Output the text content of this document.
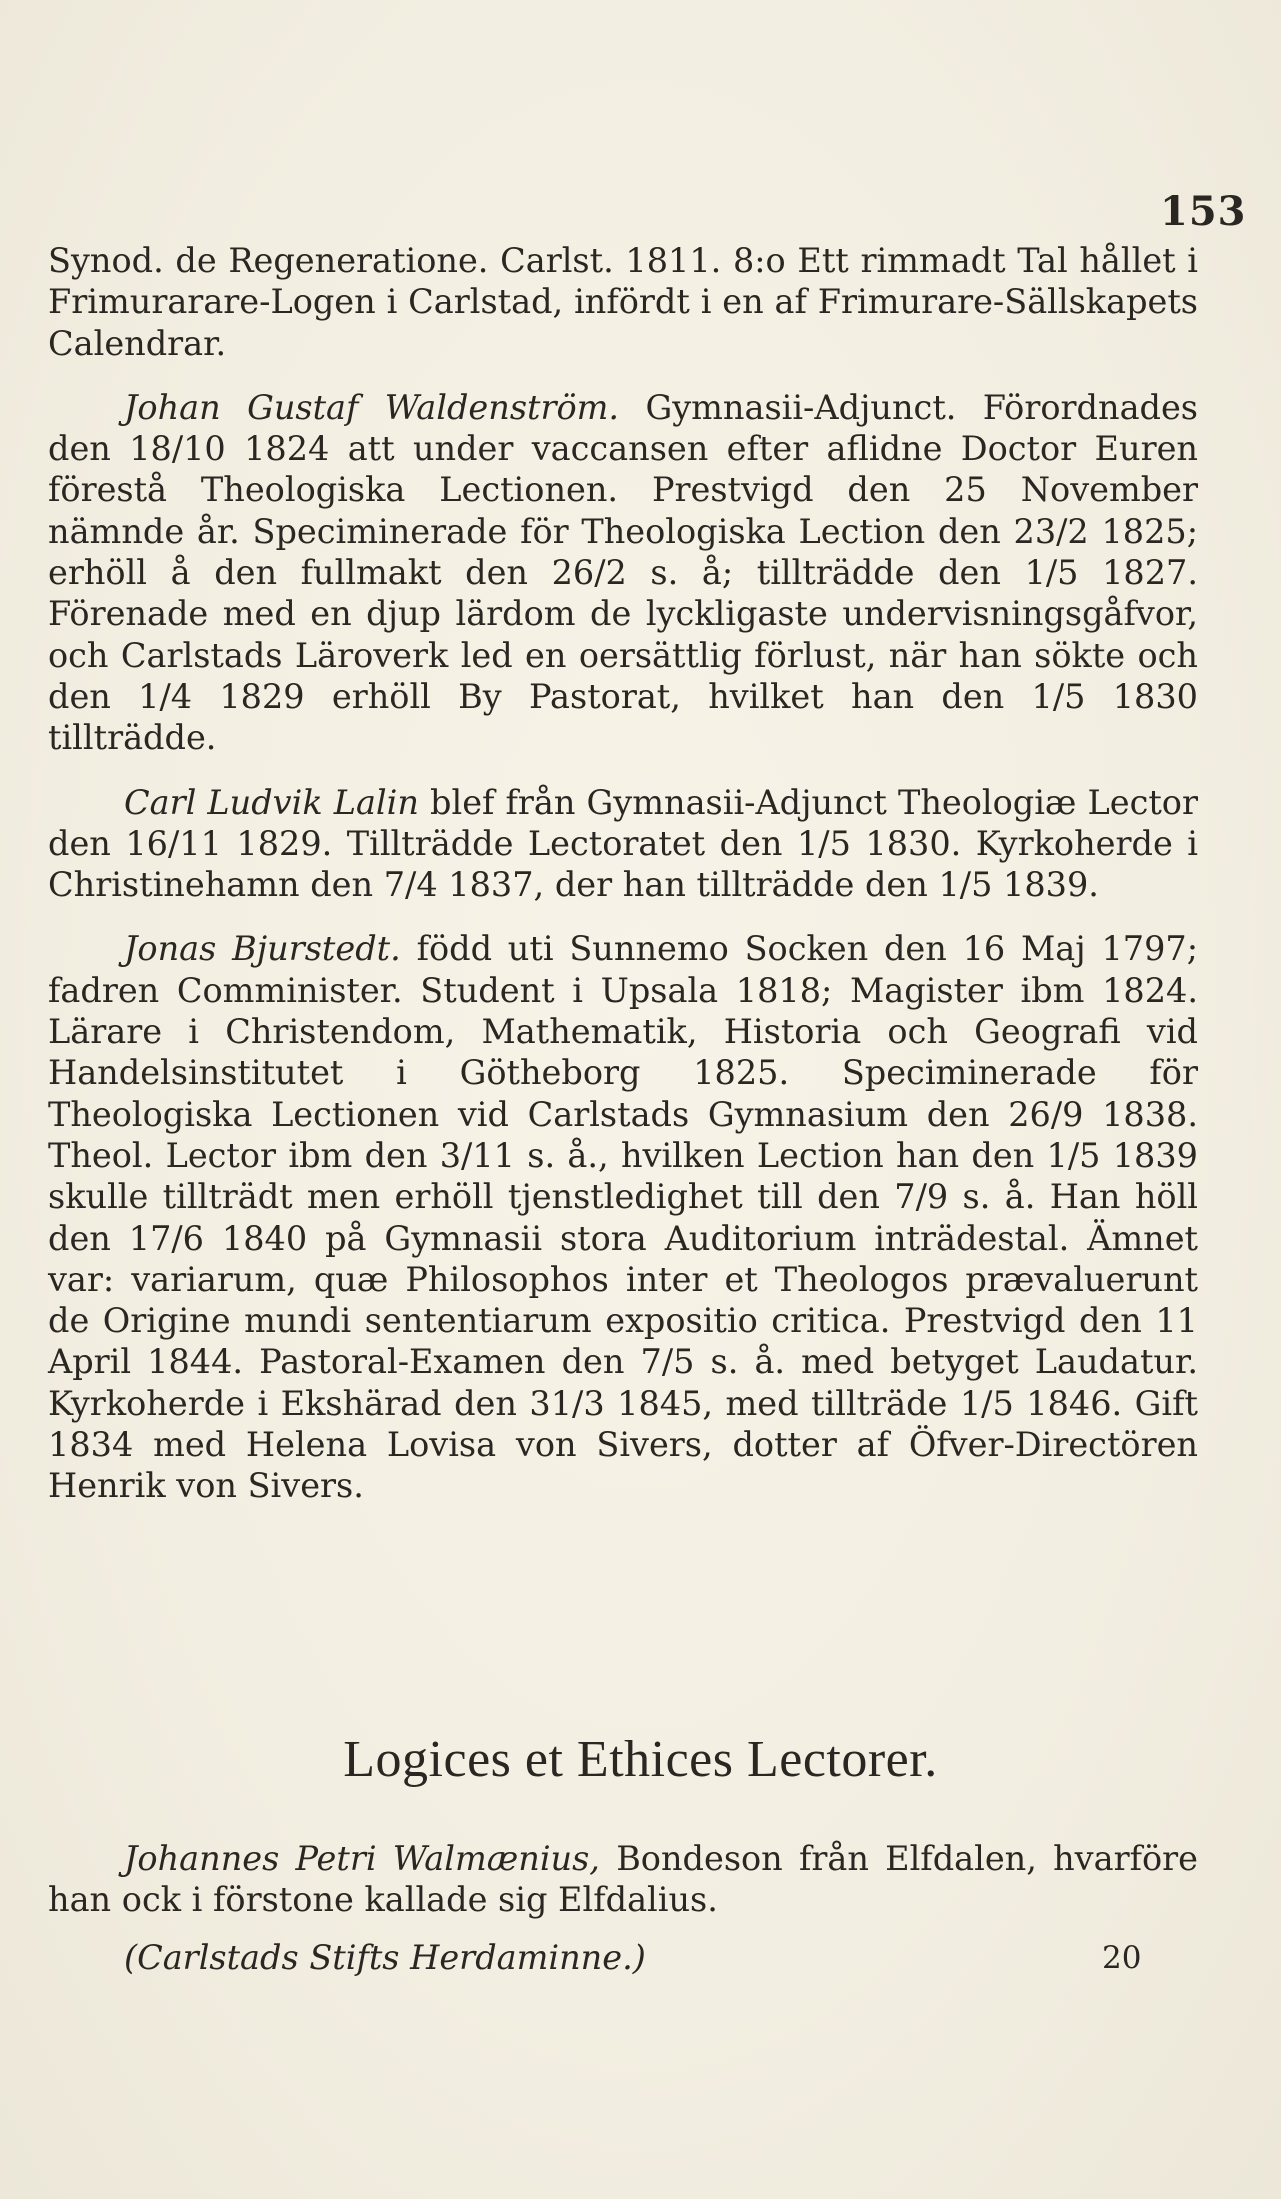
153

Synod. de Regeneratione. Carlst. 1811. 8:o Ett rimmadt Tal hållet i Frimurarare-Logen i Carlstad, infördt i en af Frimurare-Sällskapets Calendrar.

Johan Gustaf Waldenström. Gymnasii-Adjunct. Förordnades den 18/10 1824 att under vaccansen efter aflidne Doctor Euren förestå Theologiska Lectionen. Prestvigd den 25 November nämnde år. Speciminerade för Theologiska Lection den 23/2 1825; erhöll å den fullmakt den 26/2 s. å; tillträdde den 1/5 1827. Förenade med en djup lärdom de lyckligaste undervisningsgåfvor, och Carlstads Läroverk led en oersättlig förlust, när han sökte och den 1/4 1829 erhöll By Pastorat, hvilket han den 1/5 1830 tillträdde.

Carl Ludvik Lalin blef från Gymnasii-Adjunct Theologiæ Lector den 16/11 1829. Tillträdde Lectoratet den 1/5 1830. Kyrkoherde i Christinehamn den 7/4 1837, der han tillträdde den 1/5 1839.

Jonas Bjurstedt. född uti Sunnemo Socken den 16 Maj 1797; fadren Comminister. Student i Upsala 1818; Magister ibm 1824. Lärare i Christendom, Mathematik, Historia och Geografi vid Handelsinstitutet i Götheborg 1825. Speciminerade för Theologiska Lectionen vid Carlstads Gymnasium den 26/9 1838. Theol. Lector ibm den 3/11 s. å., hvilken Lection han den 1/5 1839 skulle tillträdt men erhöll tjenstledighet till den 7/9 s. å. Han höll den 17/6 1840 på Gymnasii stora Auditorium inträdestal. Ämnet var: variarum, quæ Philosophos inter et Theologos prævaluerunt de Origine mundi sententiarum expositio critica. Prestvigd den 11 April 1844. Pastoral-Examen den 7/5 s. å. med betyget Laudatur. Kyrkoherde i Ekshärad den 31/3 1845, med tillträde 1/5 1846. Gift 1834 med Helena Lovisa von Sivers, dotter af Öfver-Directören Henrik von Sivers.

Logices et Ethices Lectorer.

Johannes Petri Walmænius, Bondeson från Elfdalen, hvarföre han ock i förstone kallade sig Elfdalius.

(Carlstads Stifts Herdaminne.)	20
